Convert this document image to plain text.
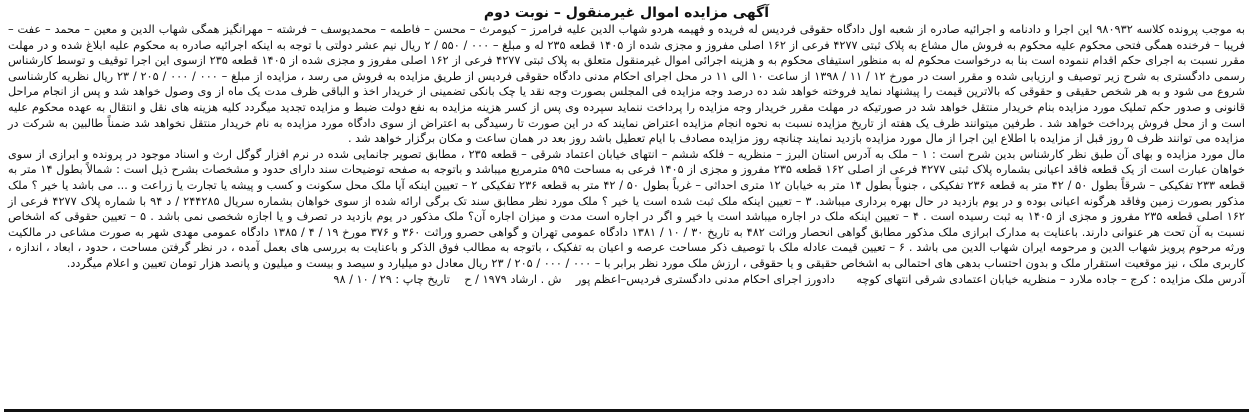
آگهی مزایده اموال غیرمنقول – نوبت دوم

به موجب پرونده کلاسه ۹۸۰۹۳۲ این اجرا و دادنامه و اجرائیه صادره از شعبه اول دادگاه حقوقی فردیس له فریده و فهیمه هردو شهاب الدین علیه فرامرز – کیومرث – محسن – فاطمه – محمدیوسف – فرشته – مهرانگیز همگی شهاب الدین و معین – محمد – عفت – فریبا – فرخنده همگی فتحی محکوم علیه محکوم به فروش مال مشاع به پلاک ثبتی ۴۲۷۷ فرعی از ۱۶۲ اصلی مفروز و مجزی شده از ۱۴۰۵ قطعه ۲۳۵ له و مبلغ – ۰۰۰ / ۵۵۰ / ۲ ریال نیم عشر دولتی با توجه به اینکه اجرائیه صادره به محکوم علیه ابلاغ شده و در مهلت مقرر نسبت به اجرای حکم اقدام ننموده است بنا به درخواست محکوم له به منظور استیفای محکوم به و هزینه اجرائی اموال غیرمنقول متعلق به پلاک ثبتی ۴۲۷۷ فرعی از ۱۶۲ اصلی مفروز و مجزی شده از ۱۴۰۵ قطعه ۲۳۵ ازسوی این اجرا توقیف و توسط کارشناس رسمی دادگستری به شرح زیر توصیف و ارزیابی شده و مقرر است در مورخ ۱۲ / ۱۱ / ۱۳۹۸ از ساعت ۱۰ الی ۱۱ در محل اجرای احکام مدنی دادگاه حقوقی فردیس از طریق مزایده به فروش می رسد ، مزایده از مبلغ – ۰۰۰ / ۰۰۰ / ۲۰۵ / ۲۳ ریال نظریه کارشناسی شروع می شود و به هر شخص حقیقی و حقوقی که بالاترین قیمت را پیشنهاد نماید فروخته خواهد شد ده درصد وجه مزایده فی المجلس بصورت وجه نقد یا چک بانکی تضمینی از خریدار اخذ و الباقی ظرف مدت یک ماه از وی وصول خواهد شد و پس از انجام مراحل قانونی و صدور حکم تملیک مورد مزایده بنام خریدار منتقل خواهد شد در صورتیکه در مهلت مقرر خریدار وجه مزایده را پرداخت ننماید سپرده وی پس از کسر هزینه مزایده به نفع دولت ضبط و مزایده تجدید میگردد کلیه هزینه های نقل و انتقال به عهده محکوم علیه است و از محل فروش پرداخت خواهد شد . طرفین میتوانند ظرف یک هفته از تاریخ مزایده نسبت به نحوه انجام مزایده اعتراض نمایند که در این صورت تا رسیدگی به اعتراض از سوی دادگاه مورد مزایده به نام خریدار منتقل نخواهد شد ضمناً طالبین به شرکت در مزایده می توانند ظرف ۵ روز قبل از مزایده با اطلاع این اجرا از مال مورد مزایده بازدید نمایند چنانچه روز مزایده مصادف با ایام تعطیل باشد روز بعد در همان ساعت و مکان برگزار خواهد شد .

مال مورد مزایده و بهای آن طبق نظر کارشناس بدین شرح است : ۱ – ملک به آدرس استان البرز – منظریه – فلکه ششم – انتهای خیابان اعتماد شرقی – قطعه ۲۳۵ ، مطابق تصویر جانمایی شده در نرم افزار گوگل ارث و اسناد موجود در پرونده و ابرازی از سوی خواهان عبارت است از یک قطعه فاقد اعیانی بشماره پلاک ثبتی ۴۲۷۷ فرعی از اصلی ۱۶۲ قطعه ۲۳۵ مفروز و مجزی از ۱۴۰۵ فرعی به مساحت ۵۹۵ مترمربع میباشد و باتوجه به صفحه توضیحات سند دارای حدود و مشخصات بشرح ذیل است : شمالاً بطول ۱۴ متر به قطعه ۲۳۳ تفکیکی – شرقاً بطول ۵۰ / ۴۲ متر به قطعه ۲۳۶ تفکیکی ، جنوباً بطول ۱۴ متر به خیابان ۱۲ متری احداثی – غرباً بطول ۵۰ / ۴۲ متر به قطعه ۲۳۶ تفکیکی ۲ – تعیین اینکه آیا ملک محل سکونت و کسب و پیشه یا تجارت یا زراعت و ... می باشد یا خیر ؟ ملک مذکور بصورت زمین وفاقد هرگونه اعیانی بوده و در یوم بازدید در حال بهره برداری میباشد. ۳ – تعیین اینکه ملک ثبت شده است یا خیر ؟ ملک مورد نظر مطابق سند تک برگی ارائه شده از سوی خواهان بشماره سریال ۲۴۴۲۸۵ / د ۹۴ با شماره پلاک ۴۲۷۷ فرعی از ۱۶۲ اصلی قطعه ۲۳۵ مفروز و مجزی از ۱۴۰۵ به ثبت رسیده است . ۴ – تعیین اینکه ملک در اجاره میباشد است یا خیر و اگر در اجاره است مدت و میزان اجاره آن؟ ملک مذکور در یوم بازدید در تصرف و یا اجازه شخصی نمی باشد . ۵ – تعیین حقوقی که اشخاص نسبت به آن تحت هر عنوانی دارند. باعنایت به مدارک ابرازی ملک مذکور مطابق گواهی انحصار وراثت ۴۸۲ به تاریخ ۳۰ / ۱۰ / ۱۳۸۱ دادگاه عمومی تهران و گواهی حصرو وراثت ۳۶۰ و ۳۷۶ مورخ ۱۹ / ۴ / ۱۳۸۵ دادگاه عمومی مهدی شهر به صورت مشاعی در مالکیت ورثه مرحوم پرویز شهاب الدین و مرحومه ایران شهاب الدین می باشد . ۶ – تعیین قیمت عادله ملک با توصیف ذکر مساحت عرصه و اعیان به تفکیک ، باتوجه به مطالب فوق الذکر و باعنایت به بررسی های بعمل آمده ، در نظر گرفتن مساحت ، حدود ، ابعاد ، اندازه ، کاربری ملک ، نیز موقعیت استقرار ملک و بدون احتساب بدهی های احتمالی به اشخاص حقیقی و یا حقوقی ، ارزش ملک مورد نظر برابر با – ۰۰۰ / ۰۰۰ / ۲۰۵ / ۲۳ ریال معادل دو میلیارد و سیصد و بیست و میلیون و پانصد هزار تومان تعیین و اعلام میگردد.

آدرس ملک مزایده : کرج – جاده ملارد – منظریه خیابان اعتمادی شرقی انتهای کوچه      دادورز اجرای احکام مدنی دادگستری فردیس–اعظم پور    ش . ارشاد ۱۹۷۹ / ح    تاریخ چاپ : ۲۹ / ۱۰ / ۹۸
